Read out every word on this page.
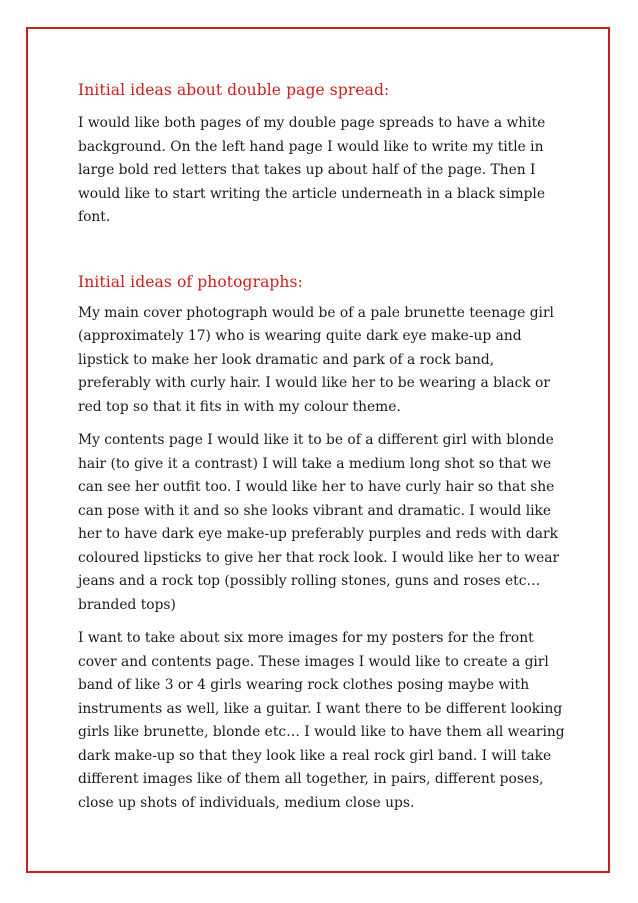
Initial ideas about double page spread:

I would like both pages of my double page spreads to have a white background. On the left hand page I would like to write my title in large bold red letters that takes up about half of the page. Then I would like to start writing the article underneath in a black simple font.

Initial ideas of photographs:

My main cover photograph would be of a pale brunette teenage girl (approximately 17) who is wearing quite dark eye make-up and lipstick to make her look dramatic and park of a rock band, preferably with curly hair. I would like her to be wearing a black or red top so that it fits in with my colour theme.

My contents page I would like it to be of a different girl with blonde hair (to give it a contrast) I will take a medium long shot so that we can see her outfit too. I would like her to have curly hair so that she can pose with it and so she looks vibrant and dramatic. I would like her to have dark eye make-up preferably purples and reds with dark coloured lipsticks to give her that rock look. I would like her to wear jeans and a rock top (possibly rolling stones, guns and roses etc… branded tops)

I want to take about six more images for my posters for the front cover and contents page. These images I would like to create a girl band of like 3 or 4 girls wearing rock clothes posing maybe with instruments as well, like a guitar. I want there to be different looking girls like brunette, blonde etc… I would like to have them all wearing dark make-up so that they look like a real rock girl band. I will take different images like of them all together, in pairs, different poses, close up shots of individuals, medium close ups.
